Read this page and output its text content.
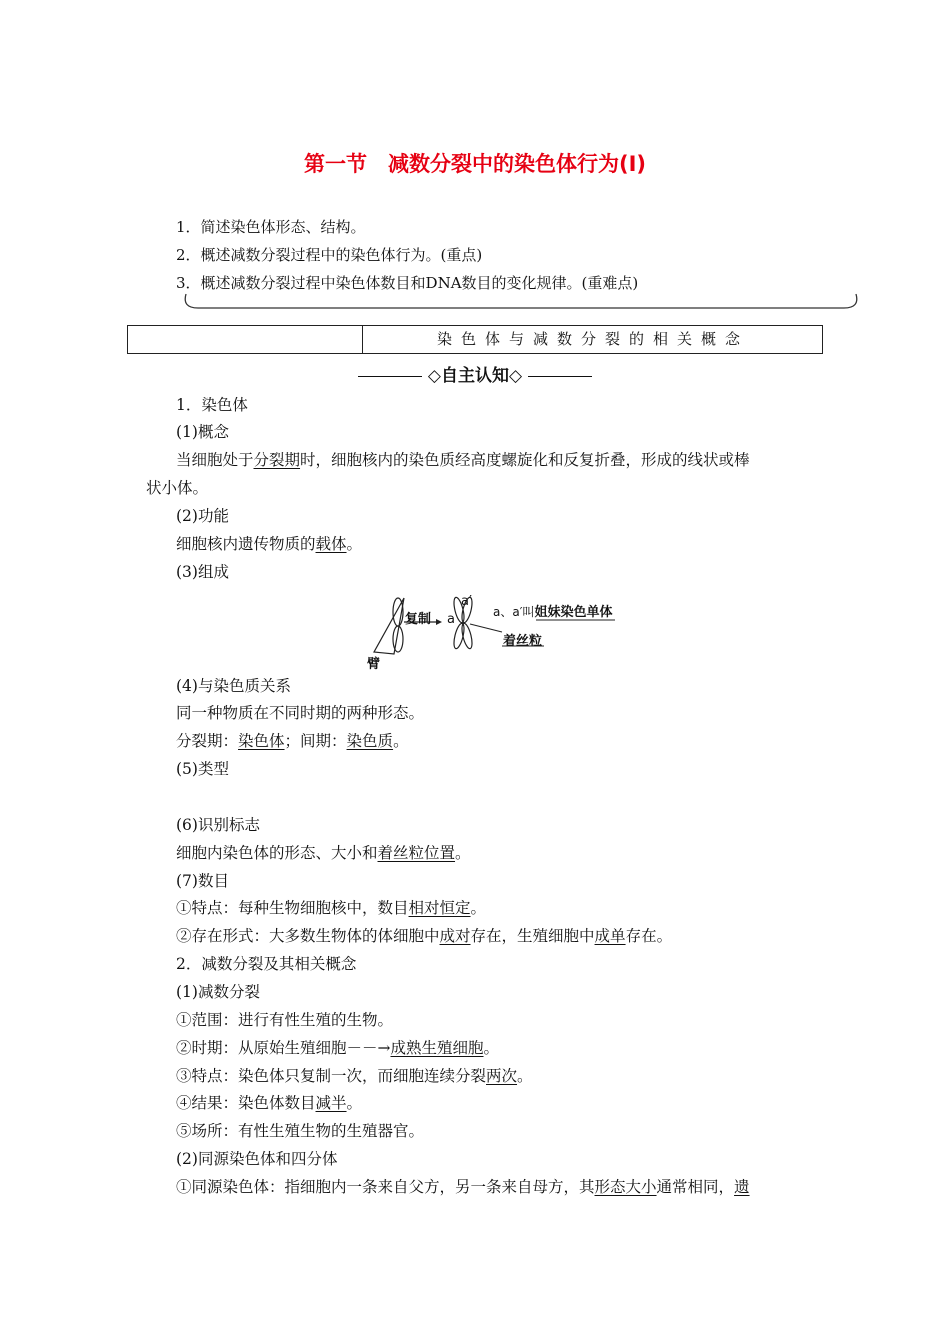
第一节　减数分裂中的染色体行为(Ⅰ)
1．简述染色体形态、结构。
2．概述减数分裂过程中的染色体行为。(重点)
3．概述减数分裂过程中染色体数目和DNA数目的变化规律。(重难点)
染色体与减数分裂的相关概念
◇自主认知◇
1．染色体
(1)概念
当细胞处于分裂期时，细胞核内的染色质经高度螺旋化和反复折叠，形成的线状或棒
状小体。
(2)功能
细胞核内遗传物质的载体。
(3)组成
复制 a
a′
臂
a、a′叫姐妹染色单体
着丝粒
(4)与染色质关系
同一种物质在不同时期的两种形态。
分裂期：染色体；间期：染色质。
(5)类型
(6)识别标志
细胞内染色体的形态、大小和着丝粒位置。
(7)数目
①特点：每种生物细胞核中，数目相对恒定。
②存在形式：大多数生物体的体细胞中成对存在，生殖细胞中成单存在。
2．减数分裂及其相关概念
(1)减数分裂
①范围：进行有性生殖的生物。
②时期：从原始生殖细胞－－→成熟生殖细胞。
③特点：染色体只复制一次，而细胞连续分裂两次。
④结果：染色体数目减半。
⑤场所：有性生殖生物的生殖器官。
(2)同源染色体和四分体
①同源染色体：指细胞内一条来自父方，另一条来自母方，其形态大小通常相同，遗
